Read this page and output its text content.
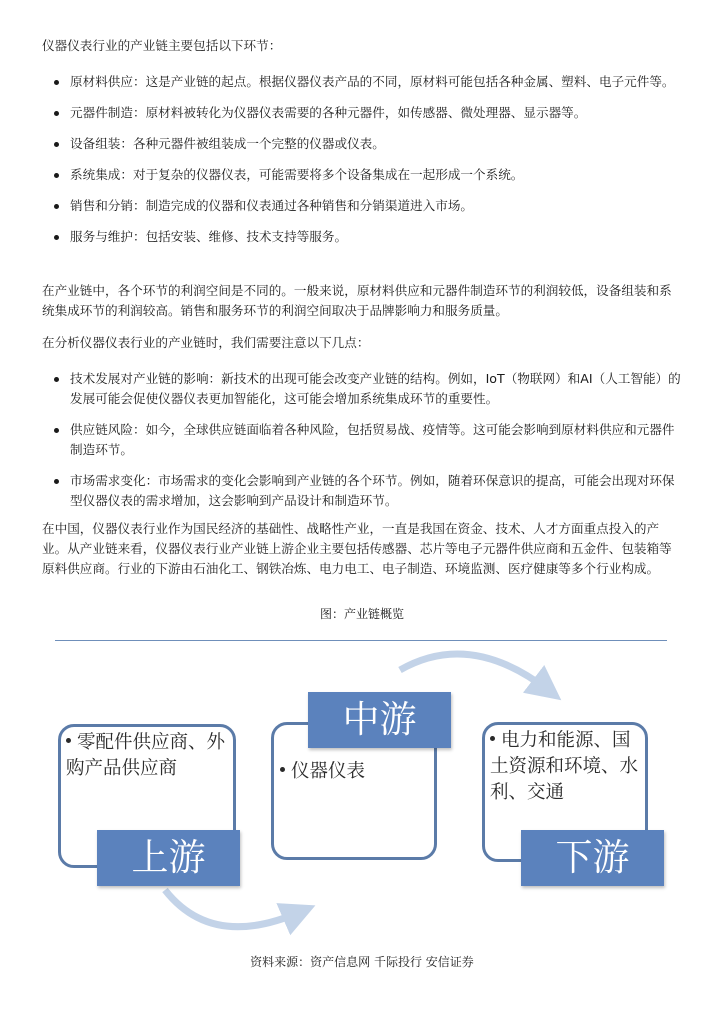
仪器仪表行业的产业链主要包括以下环节：

原材料供应：这是产业链的起点。根据仪器仪表产品的不同，原材料可能包括各种金属、塑料、电子元件等。
元器件制造：原材料被转化为仪器仪表需要的各种元器件，如传感器、微处理器、显示器等。
设备组装：各种元器件被组装成一个完整的仪器或仪表。
系统集成：对于复杂的仪器仪表，可能需要将多个设备集成在一起形成一个系统。
销售和分销：制造完成的仪器和仪表通过各种销售和分销渠道进入市场。
服务与维护：包括安装、维修、技术支持等服务。

在产业链中，各个环节的利润空间是不同的。一般来说，原材料供应和元器件制造环节的利润较低，设备组装和系统集成环节的利润较高。销售和服务环节的利润空间取决于品牌影响力和服务质量。

在分析仪器仪表行业的产业链时，我们需要注意以下几点：

技术发展对产业链的影响：新技术的出现可能会改变产业链的结构。例如，IoT（物联网）和AI（人工智能）的发展可能会促使仪器仪表更加智能化，这可能会增加系统集成环节的重要性。
供应链风险：如今，全球供应链面临着各种风险，包括贸易战、疫情等。这可能会影响到原材料供应和元器件制造环节。
市场需求变化：市场需求的变化会影响到产业链的各个环节。例如，随着环保意识的提高，可能会出现对环保型仪器仪表的需求增加，这会影响到产品设计和制造环节。

在中国，仪器仪表行业作为国民经济的基础性、战略性产业，一直是我国在资金、技术、人才方面重点投入的产业。从产业链来看，仪器仪表行业产业链上游企业主要包括传感器、芯片等电子元器件供应商和五金件、包装箱等原料供应商。行业的下游由石油化工、钢铁冶炼、电力电工、电子制造、环境监测、医疗健康等多个行业构成。

图：产业链概览
零配件供应商、外购产品供应商
上游
仪器仪表
中游	电力和能源、国土资源和环境、水利、交通
下游
资料来源：资产信息网 千际投行 安信证券
